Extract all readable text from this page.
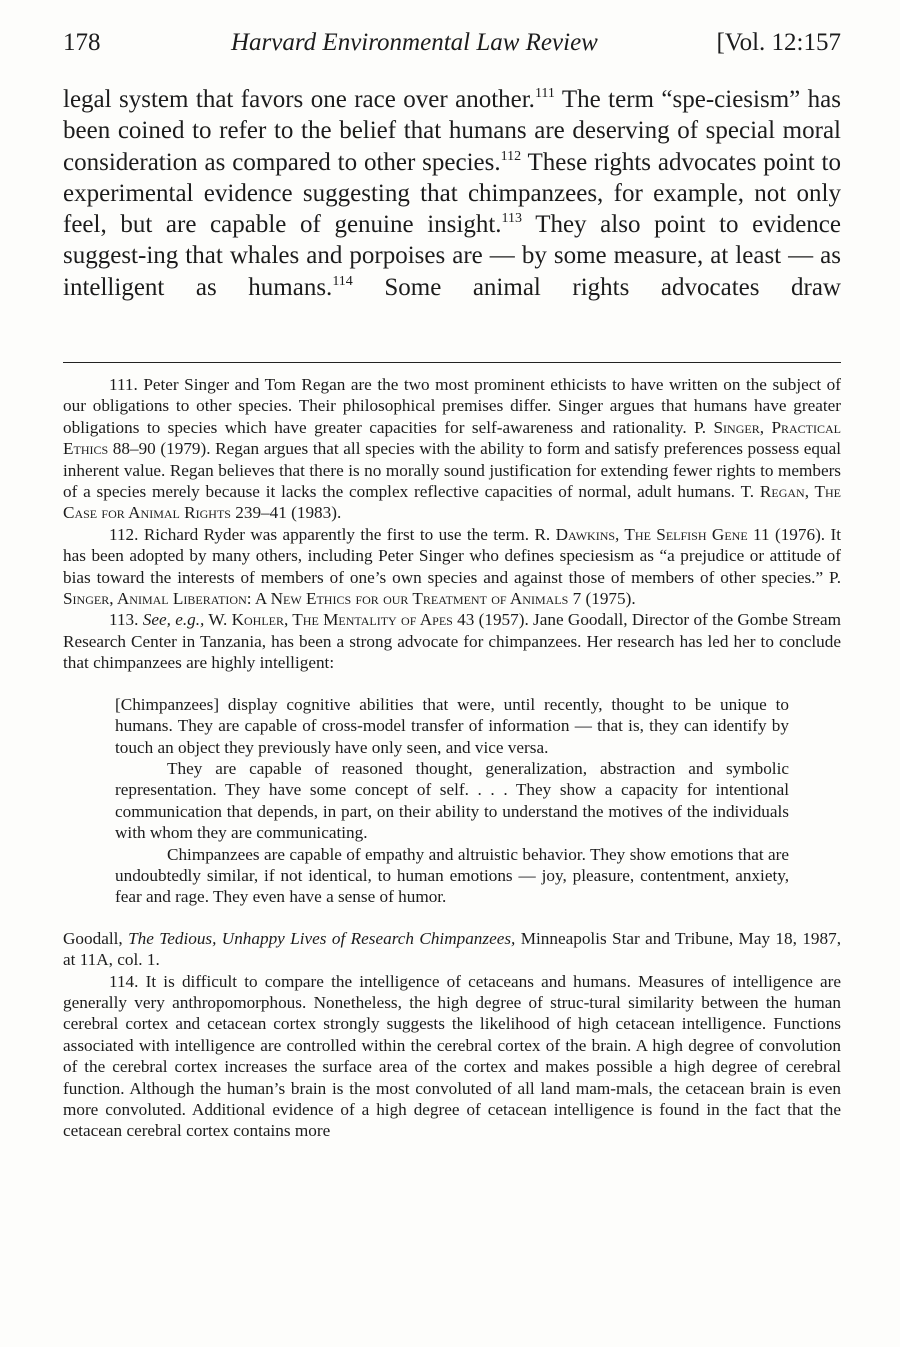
178	Harvard Environmental Law Review	[Vol. 12:157

legal system that favors one race over another.$^{111}$ The term “spe-ciesism” has been coined to refer to the belief that humans are deserving of special moral consideration as compared to other species.$^{112}$ These rights advocates point to experimental evidence suggesting that chimpanzees, for example, not only feel, but are capable of genuine insight.$^{113}$ They also point to evidence suggest-ing that whales and porpoises are — by some measure, at least — as intelligent as humans.$^{114}$ Some animal rights advocates draw

111. Peter Singer and Tom Regan are the two most prominent ethicists to have written on the subject of our obligations to other species. Their philosophical premises differ. Singer argues that humans have greater obligations to species which have greater capacities for self-awareness and rationality. P. Singer, Practical Ethics 88–90 (1979). Regan argues that all species with the ability to form and satisfy preferences possess equal inherent value. Regan believes that there is no morally sound justification for extending fewer rights to members of a species merely because it lacks the complex reflective capacities of normal, adult humans. T. Regan, The Case for Animal Rights 239–41 (1983).

112. Richard Ryder was apparently the first to use the term. R. Dawkins, The Selfish Gene 11 (1976). It has been adopted by many others, including Peter Singer who defines speciesism as “a prejudice or attitude of bias toward the interests of members of one’s own species and against those of members of other species.” P. Singer, Animal Liberation: A New Ethics for our Treatment of Animals 7 (1975).

113. See, e.g., W. Kohler, The Mentality of Apes 43 (1957). Jane Goodall, Director of the Gombe Stream Research Center in Tanzania, has been a strong advocate for chimpanzees. Her research has led her to conclude that chimpanzees are highly intelligent:

[Chimpanzees] display cognitive abilities that were, until recently, thought to be unique to humans. They are capable of cross-model transfer of information — that is, they can identify by touch an object they previously have only seen, and vice versa.

They are capable of reasoned thought, generalization, abstraction and symbolic representation. They have some concept of self. . . . They show a capacity for intentional communication that depends, in part, on their ability to understand the motives of the individuals with whom they are communicating.

Chimpanzees are capable of empathy and altruistic behavior. They show emotions that are undoubtedly similar, if not identical, to human emotions — joy, pleasure, contentment, anxiety, fear and rage. They even have a sense of humor.

Goodall, The Tedious, Unhappy Lives of Research Chimpanzees, Minneapolis Star and Tribune, May 18, 1987, at 11A, col. 1.

114. It is difficult to compare the intelligence of cetaceans and humans. Measures of intelligence are generally very anthropomorphous. Nonetheless, the high degree of struc-tural similarity between the human cerebral cortex and cetacean cortex strongly suggests the likelihood of high cetacean intelligence. Functions associated with intelligence are controlled within the cerebral cortex of the brain. A high degree of convolution of the cerebral cortex increases the surface area of the cortex and makes possible a high degree of cerebral function. Although the human’s brain is the most convoluted of all land mam-mals, the cetacean brain is even more convoluted. Additional evidence of a high degree of cetacean intelligence is found in the fact that the cetacean cerebral cortex contains more
